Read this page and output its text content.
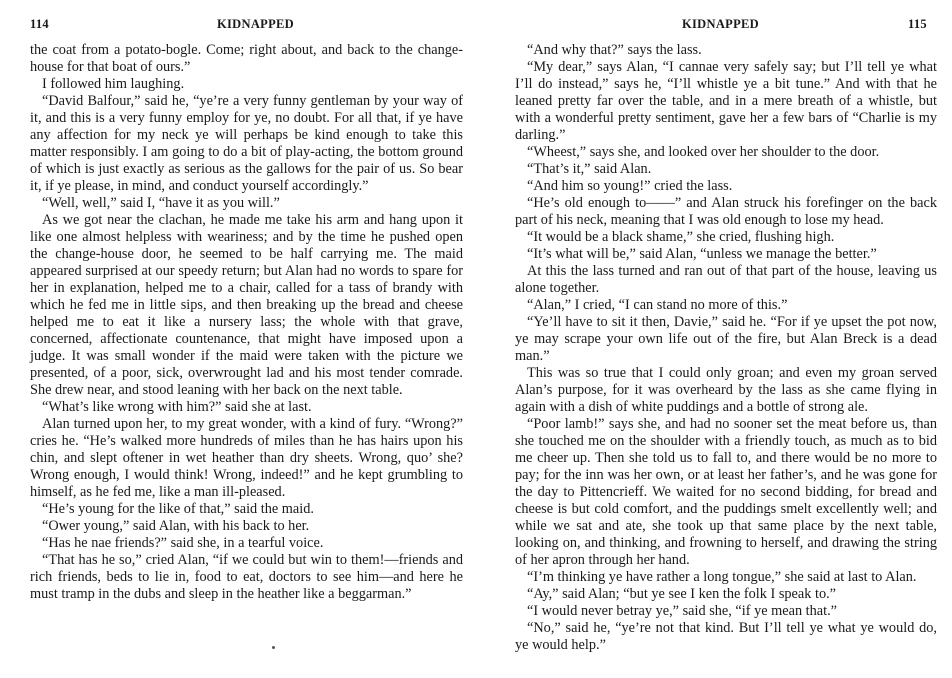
114	KIDNAPPED

the coat from a potato-bogle. Come; right about, and back to the change-house for that boat of ours.”

I followed him laughing.

“David Balfour,” said he, “ye’re a very funny gentleman by your way of it, and this is a very funny employ for ye, no doubt. For all that, if ye have any affection for my neck ye will perhaps be kind enough to take this matter responsibly. I am going to do a bit of play-acting, the bottom ground of which is just exactly as serious as the gallows for the pair of us. So bear it, if ye please, in mind, and conduct yourself accordingly.”

“Well, well,” said I, “have it as you will.”

As we got near the clachan, he made me take his arm and hang upon it like one almost helpless with weariness; and by the time he pushed open the change-house door, he seemed to be half carrying me. The maid appeared surprised at our speedy return; but Alan had no words to spare for her in explanation, helped me to a chair, called for a tass of brandy with which he fed me in little sips, and then breaking up the bread and cheese helped me to eat it like a nursery lass; the whole with that grave, concerned, affectionate countenance, that might have imposed upon a judge. It was small wonder if the maid were taken with the picture we presented, of a poor, sick, overwrought lad and his most tender comrade. She drew near, and stood leaning with her back on the next table.

“What’s like wrong with him?” said she at last.

Alan turned upon her, to my great wonder, with a kind of fury. “Wrong?” cries he. “He’s walked more hundreds of miles than he has hairs upon his chin, and slept oftener in wet heather than dry sheets. Wrong, quo’ she? Wrong enough, I would think! Wrong, indeed!” and he kept grumbling to himself, as he fed me, like a man ill-pleased.

“He’s young for the like of that,” said the maid.

“Ower young,” said Alan, with his back to her.

“Has he nae friends?” said she, in a tearful voice.

“That has he so,” cried Alan, “if we could but win to them!—friends and rich friends, beds to lie in, food to eat, doctors to see him—and here he must tramp in the dubs and sleep in the heather like a beggarman.”

KIDNAPPED	115

“And why that?” says the lass.

“My dear,” says Alan, “I cannae very safely say; but I’ll tell ye what I’ll do instead,” says he, “I’ll whistle ye a bit tune.” And with that he leaned pretty far over the table, and in a mere breath of a whistle, but with a wonderful pretty sentiment, gave her a few bars of “Charlie is my darling.”

“Wheest,” says she, and looked over her shoulder to the door.

“That’s it,” said Alan.

“And him so young!” cried the lass.

“He’s old enough to——” and Alan struck his forefinger on the back part of his neck, meaning that I was old enough to lose my head.

“It would be a black shame,” she cried, flushing high.

“It’s what will be,” said Alan, “unless we manage the better.”

At this the lass turned and ran out of that part of the house, leaving us alone together.

“Alan,” I cried, “I can stand no more of this.”

“Ye’ll have to sit it then, Davie,” said he. “For if ye upset the pot now, ye may scrape your own life out of the fire, but Alan Breck is a dead man.”

This was so true that I could only groan; and even my groan served Alan’s purpose, for it was overheard by the lass as she came flying in again with a dish of white puddings and a bottle of strong ale.

“Poor lamb!” says she, and had no sooner set the meat before us, than she touched me on the shoulder with a friendly touch, as much as to bid me cheer up. Then she told us to fall to, and there would be no more to pay; for the inn was her own, or at least her father’s, and he was gone for the day to Pittencrieff. We waited for no second bidding, for bread and cheese is but cold comfort, and the puddings smelt excellently well; and while we sat and ate, she took up that same place by the next table, looking on, and thinking, and frowning to herself, and drawing the string of her apron through her hand.

“I’m thinking ye have rather a long tongue,” she said at last to Alan.

“Ay,” said Alan; “but ye see I ken the folk I speak to.”

“I would never betray ye,” said she, “if ye mean that.”

“No,” said he, “ye’re not that kind. But I’ll tell ye what ye would do, ye would help.”
